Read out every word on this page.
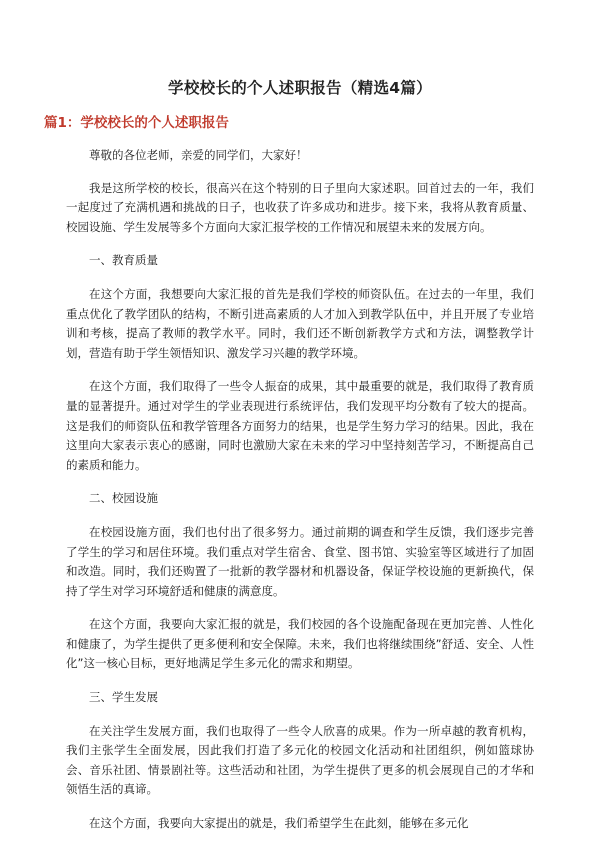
学校校长的个人述职报告（精选4篇）
篇1：学校校长的个人述职报告

尊敬的各位老师，亲爱的同学们，大家好！

我是这所学校的校长，很高兴在这个特别的日子里向大家述职。回首过去的一年，我们一起度过了充满机遇和挑战的日子，也收获了许多成功和进步。接下来，我将从教育质量、校园设施、学生发展等多个方面向大家汇报学校的工作情况和展望未来的发展方向。

一、教育质量

在这个方面，我想要向大家汇报的首先是我们学校的师资队伍。在过去的一年里，我们重点优化了教学团队的结构，不断引进高素质的人才加入到教学队伍中，并且开展了专业培训和考核，提高了教师的教学水平。同时，我们还不断创新教学方式和方法，调整教学计划，营造有助于学生领悟知识、激发学习兴趣的教学环境。

在这个方面，我们取得了一些令人振奋的成果，其中最重要的就是，我们取得了教育质量的显著提升。通过对学生的学业表现进行系统评估，我们发现平均分数有了较大的提高。这是我们的师资队伍和教学管理各方面努力的结果，也是学生努力学习的结果。因此，我在这里向大家表示衷心的感谢，同时也激励大家在未来的学习中坚持刻苦学习，不断提高自己的素质和能力。

二、校园设施

在校园设施方面，我们也付出了很多努力。通过前期的调查和学生反馈，我们逐步完善了学生的学习和居住环境。我们重点对学生宿舍、食堂、图书馆、实验室等区域进行了加固和改造。同时，我们还购置了一批新的教学器材和机器设备，保证学校设施的更新换代，保持了学生对学习环境舒适和健康的满意度。

在这个方面，我要向大家汇报的就是，我们校园的各个设施配备现在更加完善、人性化和健康了，为学生提供了更多便利和安全保障。未来，我们也将继续围绕”舒适、安全、人性化”这一核心目标，更好地满足学生多元化的需求和期望。

三、学生发展

在关注学生发展方面，我们也取得了一些令人欣喜的成果。作为一所卓越的教育机构，我们主张学生全面发展，因此我们打造了多元化的校园文化活动和社团组织，例如篮球协会、音乐社团、情景剧社等。这些活动和社团，为学生提供了更多的机会展现自己的才华和领悟生活的真谛。

在这个方面，我要向大家提出的就是，我们希望学生在此刻，能够在多元化
